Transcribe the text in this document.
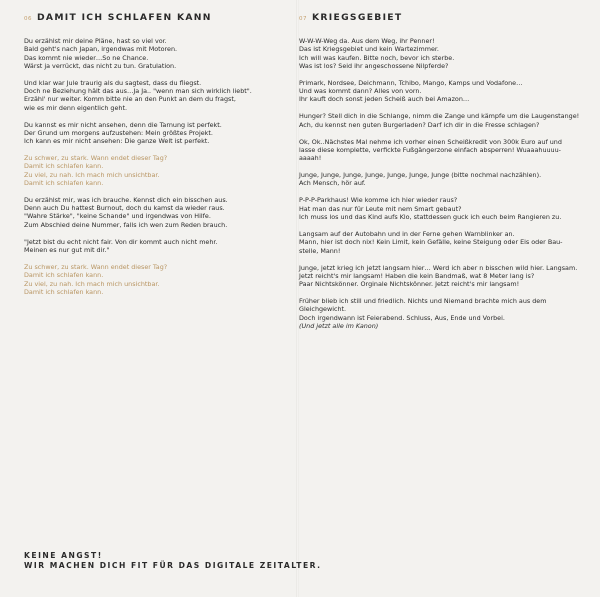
06 DAMIT ICH SCHLAFEN KANN
Du erzählst mir deine Pläne, hast so viel vor.
Bald geht's nach Japan, irgendwas mit Motoren.
Das kommt nie wieder…So ne Chance.
Wärst ja verrückt, das nicht zu tun. Gratulation.
Und klar war Jule traurig als du sagtest, dass du fliegst.
Doch ne Beziehung hält das aus…Ja Ja.. "wenn man sich wirklich liebt".
Erzähl' nur weiter. Komm bitte nie an den Punkt an dem du fragst,
wie es mir denn eigentlich geht.
Du kannst es mir nicht ansehen, denn die Tarnung ist perfekt.
Der Grund um morgens aufzustehen: Mein größtes Projekt.
Ich kann es mir nicht ansehen: Die ganze Welt ist perfekt.
Zu schwer, zu stark. Wann endet dieser Tag?
Damit ich schlafen kann.
Zu viel, zu nah. Ich mach mich unsichtbar.
Damit ich schlafen kann.
Du erzählst mir, was ich brauche. Kennst dich ein bisschen aus.
Denn auch Du hattest Burnout, doch du kamst da wieder raus.
"Wahre Stärke", "keine Schande" und irgendwas von Hilfe.
Zum Abschied deine Nummer, falls ich wen zum Reden brauch.
"Jetzt bist du echt nicht fair. Von dir kommt auch nicht mehr.
Meinen es nur gut mit dir."
Zu schwer, zu stark. Wann endet dieser Tag?
Damit ich schlafen kann.
Zu viel, zu nah. Ich mach mich unsichtbar.
Damit ich schlafen kann.
07 KRIEGSGEBIET
W-W-W-Weg da. Aus dem Weg, ihr Penner!
Das ist Kriegsgebiet und kein Wartezimmer.
Ich will was kaufen. Bitte noch, bevor ich sterbe.
Was ist los? Seid ihr angeschossene Nilpferde?
Primark, Nordsee, Deichmann, Tchibo, Mango, Kamps und Vodafone…
Und was kommt dann? Alles von vorn.
Ihr kauft doch sonst jeden Scheiß auch bei Amazon…
Hunger? Stell dich in die Schlange, nimm die Zange und kämpfe um die Laugenstange!
Ach, du kennst nen guten Burgerladen? Darf ich dir in die Fresse schlagen?
Ok, Ok..Nächstes Mal nehme ich vorher einen Scheißkredit von 300k Euro auf und
lasse diese komplette, verfickte Fußgängerzone einfach absperren! Wuaaahuuuu-
aaaah!
Junge, Junge, Junge, Junge, Junge, Junge, Junge (bitte nochmal nachzählen).
Ach Mensch, hör auf.
P-P-P-Parkhaus! Wie komme ich hier wieder raus?
Hat man das nur für Leute mit nem Smart gebaut?
Ich muss los und das Kind aufs Klo, stattdessen guck ich euch beim Rangieren zu.
Langsam auf der Autobahn und in der Ferne gehen Warnblinker an.
Mann, hier ist doch nix! Kein Limit, kein Gefälle, keine Steigung oder Eis oder Bau-
stelle, Mann!
Junge, jetzt krieg ich jetzt langsam hier… Werd ich aber n bisschen wild hier. Langsam.
Jetzt reicht's mir langsam! Haben die kein Bandmaß, wat 8 Meter lang is?
Paar Nichtskönner. Orginale Nichtskönner. Jetzt reicht's mir langsam!
Früher blieb ich still und friedlich. Nichts und Niemand brachte mich aus dem
Gleichgewicht.
Doch irgendwann ist Feierabend. Schluss, Aus, Ende und Vorbei.
(Und jetzt alle im Kanon)
KEINE ANGST!
WIR MACHEN DICH FIT FÜR DAS DIGITALE ZEITALTER.
